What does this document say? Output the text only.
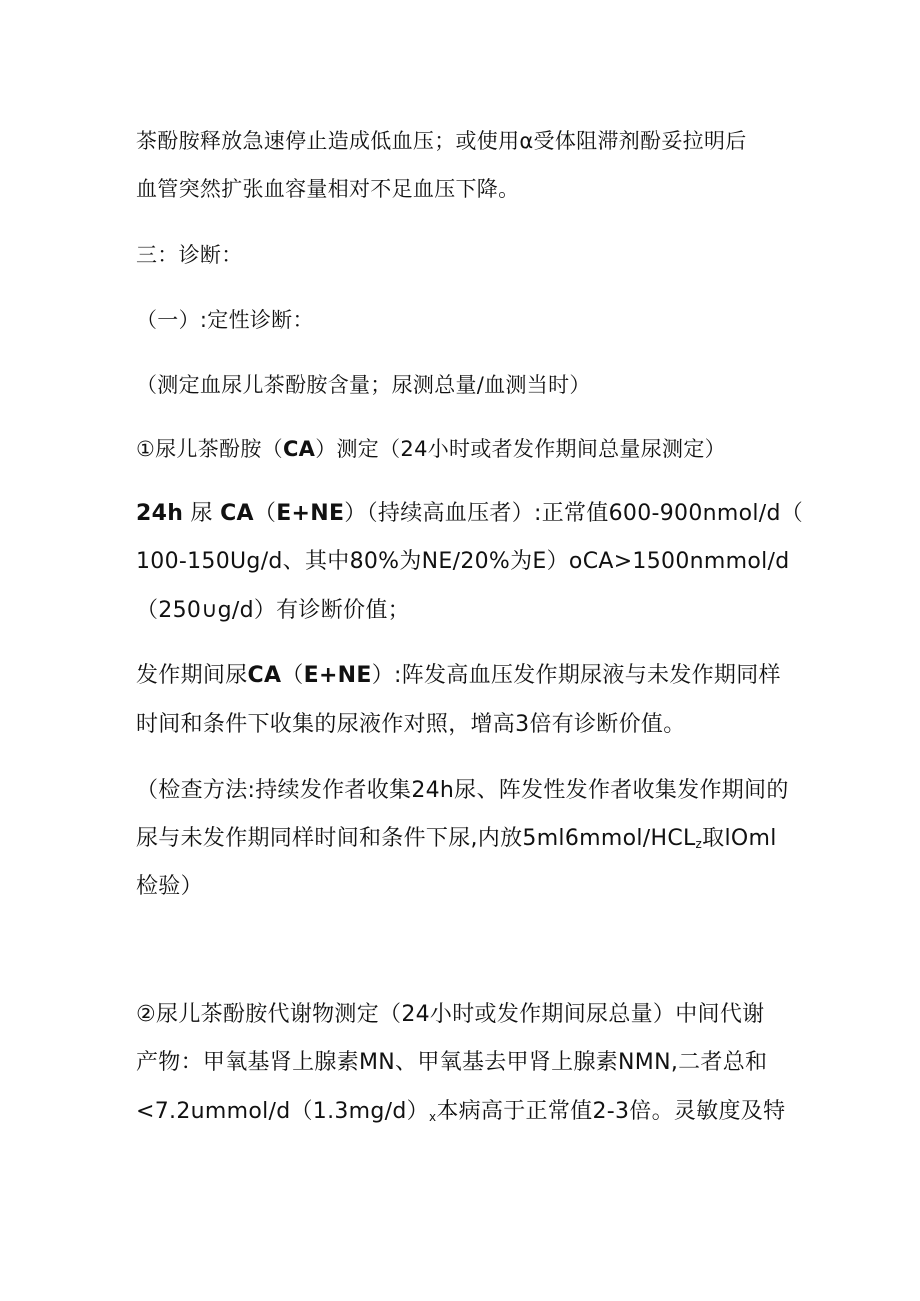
茶酚胺释放急速停止造成低血压；或使用α受体阻滞剂酚妥拉明后
血管突然扩张血容量相对不足血压下降。
三：诊断：
（一）:定性诊断：
（测定血尿儿茶酚胺含量；尿测总量/血测当时）
①尿儿茶酚胺（CA）测定（24小时或者发作期间总量尿测定）
24h 尿 CA（E+NE）（持续高血压者）:正常值600-900nmol∕d（
100-150Ug/d、其中80%为NE∕20%为E）oCA>1500nmmol∕d
（250∪g∕d）有诊断价值；
发作期间尿CA（E+NE）:阵发高血压发作期尿液与未发作期同样
时间和条件下收集的尿液作对照，增高3倍有诊断价值。
（检查方法:持续发作者收集24h尿、阵发性发作者收集发作期间的
尿与未发作期同样时间和条件下尿,内放$5ml6mmol∕HCL_z$取lOml
检验）
②尿儿茶酚胺代谢物测定（24小时或发作期间尿总量）中间代谢
产物：甲氧基肾上腺素MN、甲氧基去甲肾上腺素NMN,二者总和
$<7.2ummol∕d(1.3mg∕d)_x$本病高于正常值2-3倍。灵敏度及特
